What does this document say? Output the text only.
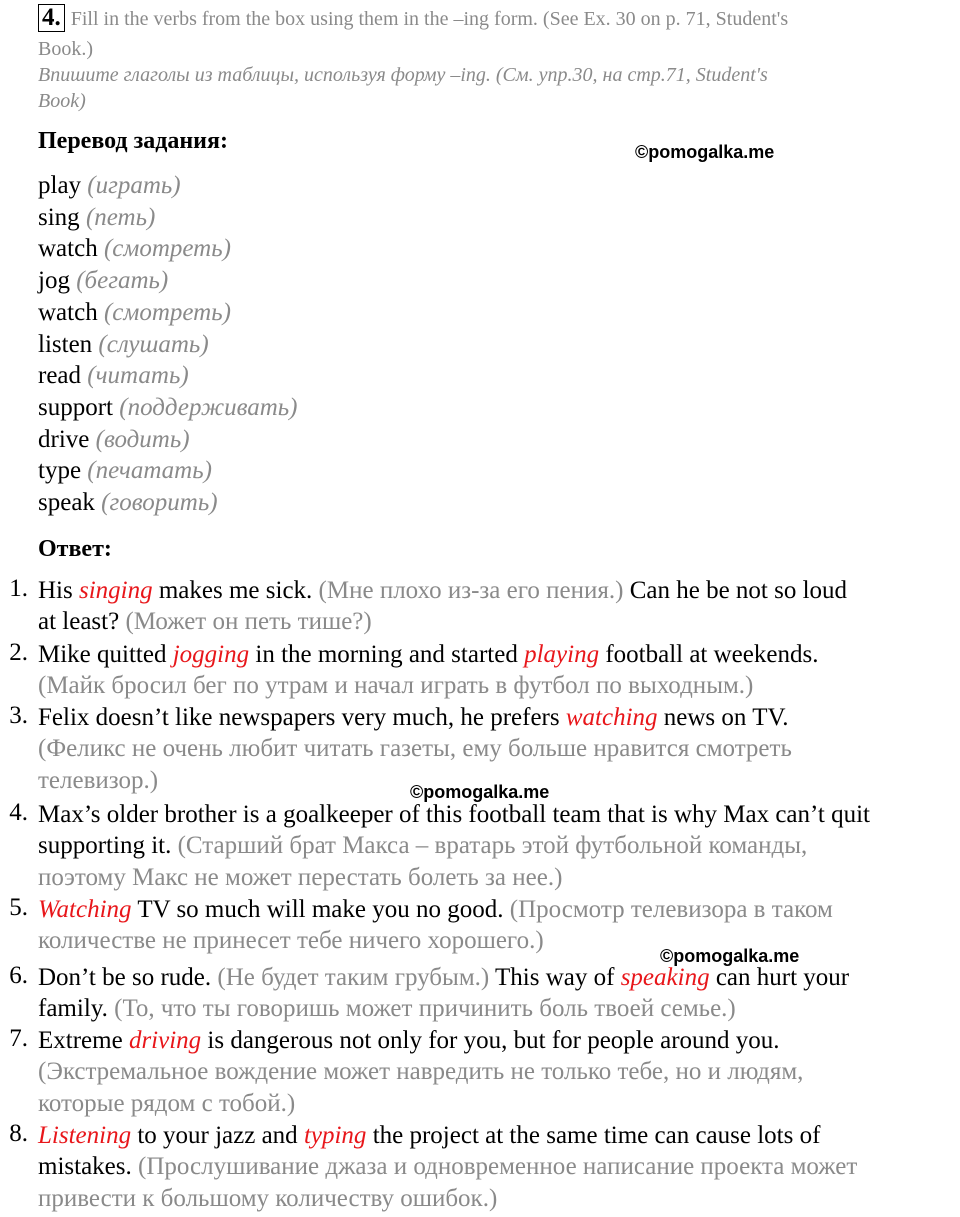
4. Fill in the verbs from the box using them in the –ing form. (See Ex. 30 on p. 71, Student's
Book.)
Впишите глаголы из таблицы, используя форму –ing. (См. упр.30, на стр.71, Student's
Book)
Перевод задания:	©pomogalka.me
play (играть)
sing (петь)
watch (смотреть)
jog (бегать)
watch (смотреть)
listen (слушать)
read (читать)
support (поддерживать)
drive (водить)
type (печатать)
speak (говорить)
Ответ:
1. His singing makes me sick. (Мне плохо из-за его пения.) Can he be not so loud
at least? (Может он петь тише?)
2. Mike quitted jogging in the morning and started playing football at weekends.
(Майк бросил бег по утрам и начал играть в футбол по выходным.)
3. Felix doesn’t like newspapers very much, he prefers watching news on TV.
(Феликс не очень любит читать газеты, ему больше нравится смотреть
телевизор.)	©pomogalka.me
4. Max’s older brother is a goalkeeper of this football team that is why Max can’t quit
supporting it. (Старший брат Макса – вратарь этой футбольной команды,
поэтому Макс не может перестать болеть за нее.)
5. Watching TV so much will make you no good. (Просмотр телевизора в таком
количестве не принесет тебе ничего хорошего.)
©pomogalka.me
6. Don’t be so rude. (Не будет таким грубым.) This way of speaking can hurt your
family. (То, что ты говоришь может причинить боль твоей семье.)
7. Extreme driving is dangerous not only for you, but for people around you.
(Экстремальное вождение может навредить не только тебе, но и людям,
которые рядом с тобой.)
8. Listening to your jazz and typing the project at the same time can cause lots of
mistakes. (Прослушивание джаза и одновременное написание проекта может
привести к большому количеству ошибок.)
